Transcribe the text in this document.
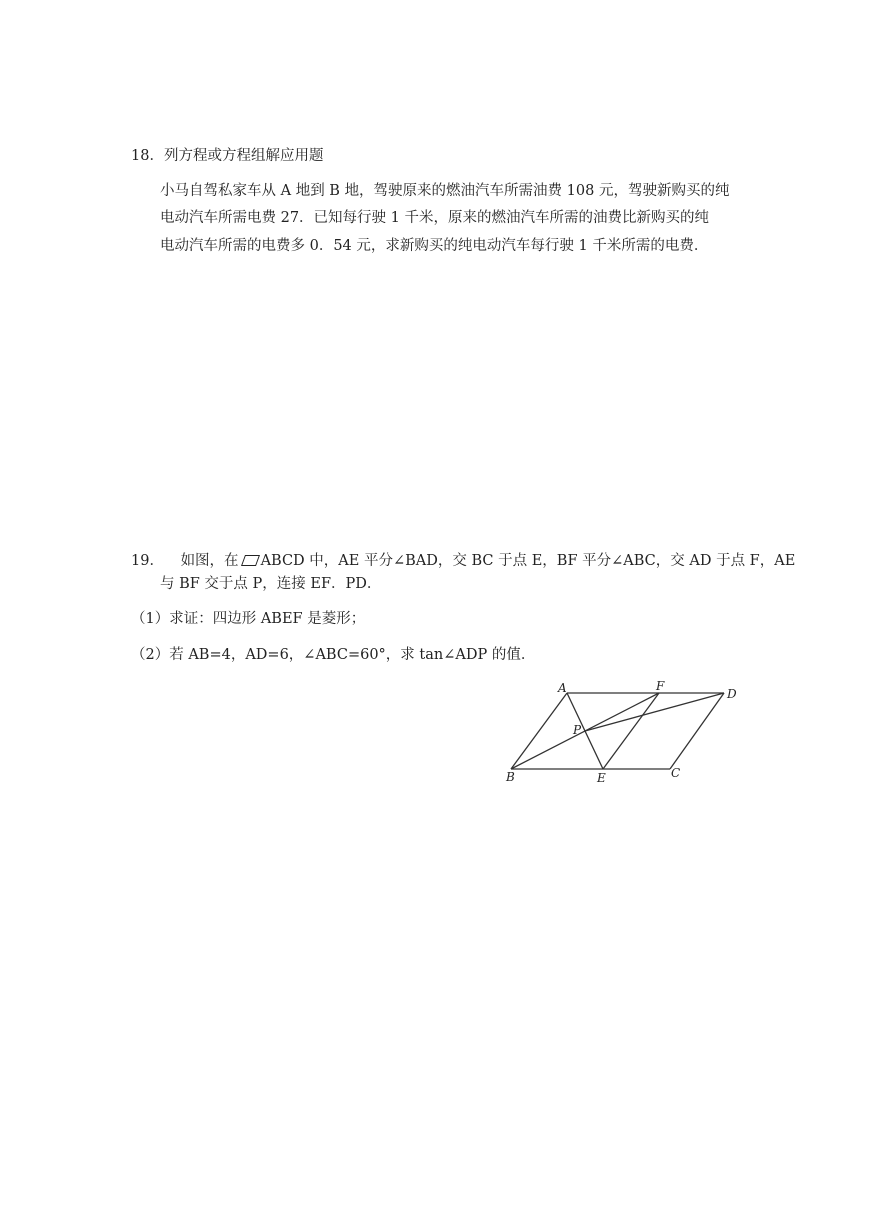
18．列方程或方程组解应用题
小马自驾私家车从 A 地到 B 地，驾驶原来的燃油汽车所需油费 108 元，驾驶新购买的纯
电动汽车所需电费 27．已知每行驶 1 千米，原来的燃油汽车所需的油费比新购买的纯
电动汽车所需的电费多 0．54 元，求新购买的纯电动汽车每行驶 1 千米所需的电费．
19． 如图，在 ABCD 中，AE 平分∠BAD，交 BC 于点 E，BF 平分∠ABC，交 AD 于点 F，AE
与 BF 交于点 P，连接 EF．PD．
（1）求证：四边形 ABEF 是菱形；
（2）若 AB=4，AD=6，∠ABC=60°，求 tan∠ADP 的值．
A	F
D
P
B	E	C
